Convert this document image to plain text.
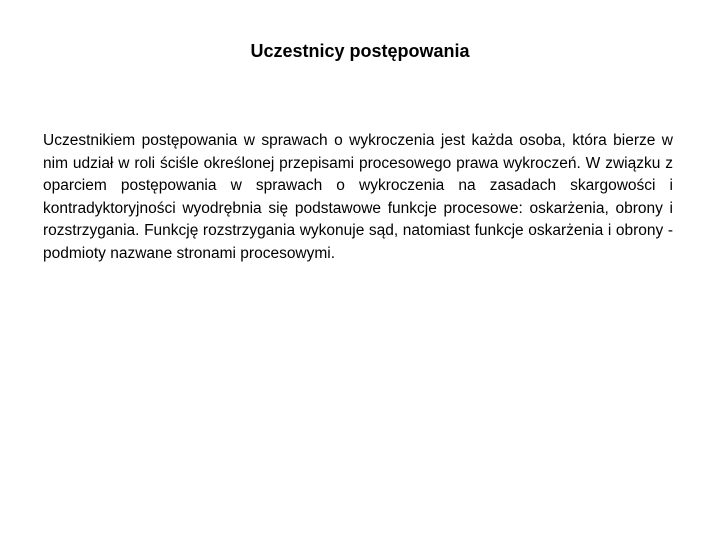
Uczestnicy postępowania

Uczestnikiem postępowania w sprawach o wykroczenia jest każda osoba, która bierze w nim udział w roli ściśle określonej przepisami procesowego prawa wykroczeń. W związku z oparciem postępowania w sprawach o wykroczenia na zasadach skargowości i kontradyktoryjności wyodrębnia się podstawowe funkcje procesowe: oskarżenia, obrony i rozstrzygania. Funkcję rozstrzygania wykonuje sąd, natomiast funkcje oskarżenia i obrony - podmioty nazwane stronami procesowymi.
